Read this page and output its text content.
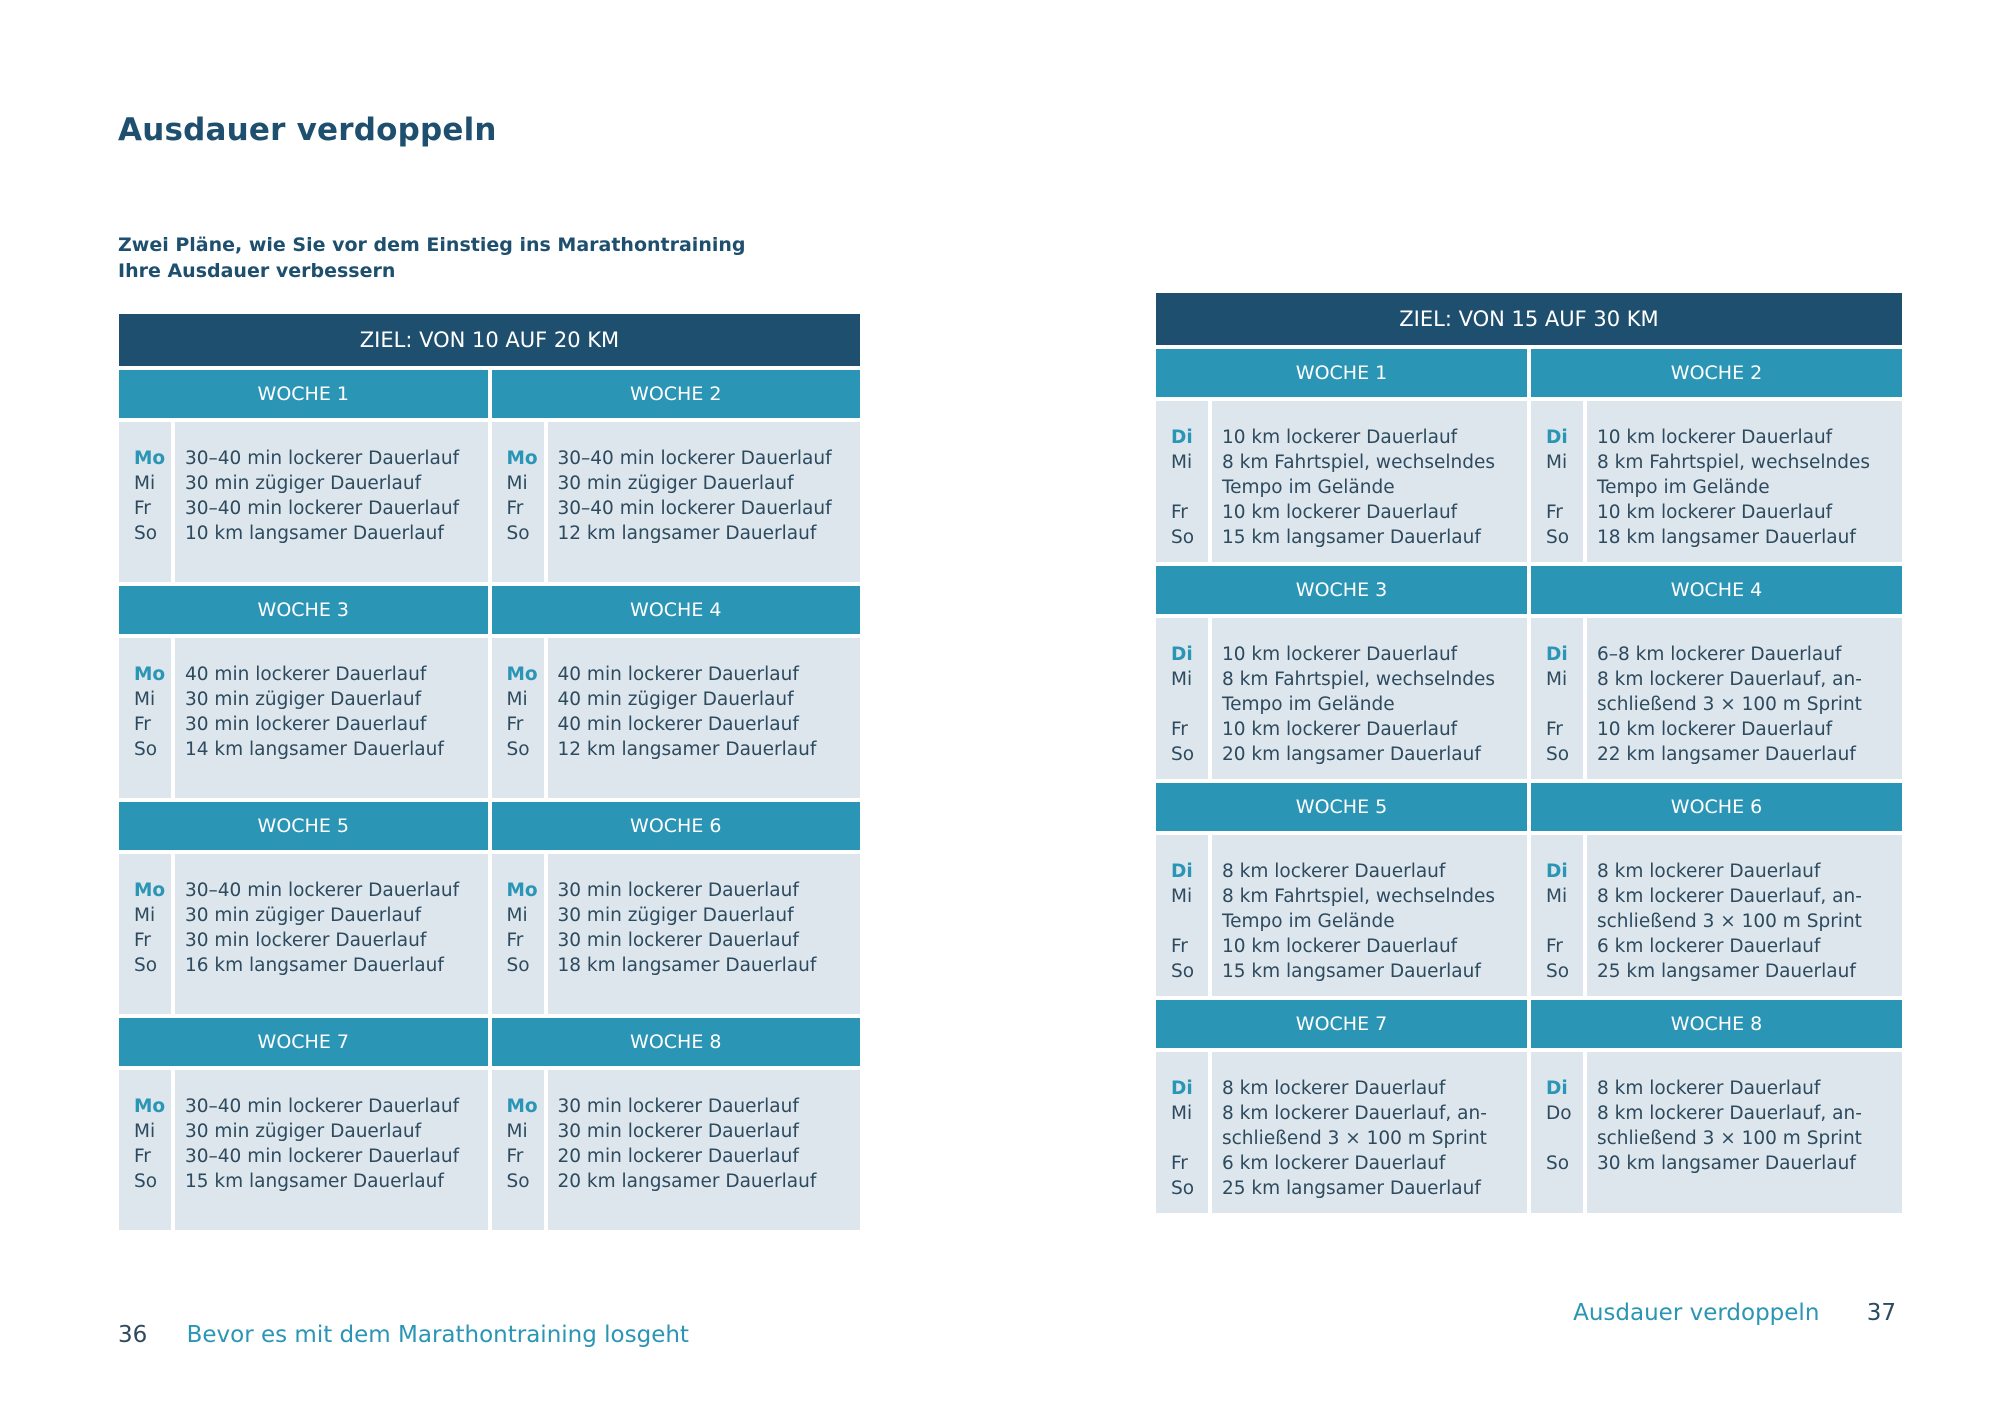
Ausdauer verdoppeln
Zwei Pläne, wie Sie vor dem Einstieg ins Marathontraining
Ihre Ausdauer verbessern
ZIEL: VON 10 AUF 20 KM
WOCHE 1
Mo
Mi
Fr
So
30–40 min lockerer Dauerlauf
30 min zügiger Dauerlauf
30–40 min lockerer Dauerlauf
10 km langsamer Dauerlauf
WOCHE 2
Mo
Mi
Fr
So
30–40 min lockerer Dauerlauf
30 min zügiger Dauerlauf
30–40 min lockerer Dauerlauf
12 km langsamer Dauerlauf
WOCHE 3
Mo
Mi
Fr
So
40 min lockerer Dauerlauf
30 min zügiger Dauerlauf
30 min lockerer Dauerlauf
14 km langsamer Dauerlauf
WOCHE 4
Mo
Mi
Fr
So
40 min lockerer Dauerlauf
40 min zügiger Dauerlauf
40 min lockerer Dauerlauf
12 km langsamer Dauerlauf
WOCHE 5
Mo
Mi
Fr
So
30–40 min lockerer Dauerlauf
30 min zügiger Dauerlauf
30 min lockerer Dauerlauf
16 km langsamer Dauerlauf
WOCHE 6
Mo
Mi
Fr
So
30 min lockerer Dauerlauf
30 min zügiger Dauerlauf
30 min lockerer Dauerlauf
18 km langsamer Dauerlauf
WOCHE 7
Mo
Mi
Fr
So
30–40 min lockerer Dauerlauf
30 min zügiger Dauerlauf
30–40 min lockerer Dauerlauf
15 km langsamer Dauerlauf
WOCHE 8
Mo
Mi
Fr
So
30 min lockerer Dauerlauf
30 min lockerer Dauerlauf
20 min lockerer Dauerlauf
20 km langsamer Dauerlauf
ZIEL: VON 15 AUF 30 KM
WOCHE 1
Di
Mi
Fr
So
10 km lockerer Dauerlauf
8 km Fahrtspiel, wechselndes
Tempo im Gelände
10 km lockerer Dauerlauf
15 km langsamer Dauerlauf
WOCHE 2
Di
Mi
Fr
So
10 km lockerer Dauerlauf
8 km Fahrtspiel, wechselndes
Tempo im Gelände
10 km lockerer Dauerlauf
18 km langsamer Dauerlauf
WOCHE 3
Di
Mi
Fr
So
10 km lockerer Dauerlauf
8 km Fahrtspiel, wechselndes
Tempo im Gelände
10 km lockerer Dauerlauf
20 km langsamer Dauerlauf
WOCHE 4
Di
Mi
Fr
So
6–8 km lockerer Dauerlauf
8 km lockerer Dauerlauf, an-
schließend 3 × 100 m Sprint
10 km lockerer Dauerlauf
22 km langsamer Dauerlauf
WOCHE 5
Di
Mi
Fr
So
8 km lockerer Dauerlauf
8 km Fahrtspiel, wechselndes
Tempo im Gelände
10 km lockerer Dauerlauf
15 km langsamer Dauerlauf
WOCHE 6
Di
Mi
Fr
So
8 km lockerer Dauerlauf
8 km lockerer Dauerlauf, an-
schließend 3 × 100 m Sprint
6 km lockerer Dauerlauf
25 km langsamer Dauerlauf
WOCHE 7
Di
Mi
Fr
So
8 km lockerer Dauerlauf
8 km lockerer Dauerlauf, an-
schließend 3 × 100 m Sprint
6 km lockerer Dauerlauf
25 km langsamer Dauerlauf
WOCHE 8
Di
Do
So
8 km lockerer Dauerlauf
8 km lockerer Dauerlauf, an-
schließend 3 × 100 m Sprint
30 km langsamer Dauerlauf
36 Bevor es mit dem Marathontraining losgeht
Ausdauer verdoppeln 37
